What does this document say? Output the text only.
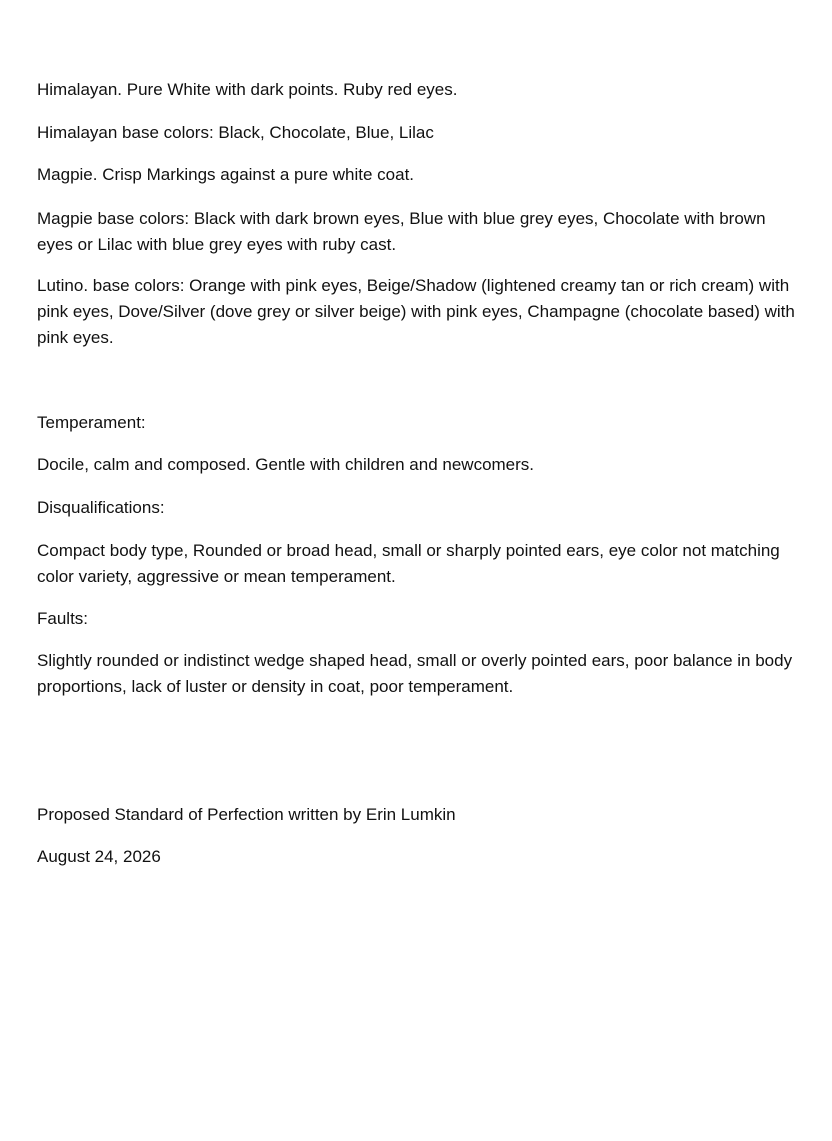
Himalayan. Pure White with dark points. Ruby red eyes.

Himalayan base colors: Black, Chocolate, Blue, Lilac

Magpie. Crisp Markings against a pure white coat.

Magpie base colors: Black with dark brown eyes, Blue with blue grey eyes, Chocolate with brown eyes or Lilac with blue grey eyes with ruby cast.

Lutino. base colors: Orange with pink eyes, Beige/Shadow (lightened creamy tan or rich cream) with pink eyes, Dove/Silver (dove grey or silver beige) with pink eyes, Champagne (chocolate based) with pink eyes.

Temperament:

Docile, calm and composed. Gentle with children and newcomers.

Disqualifications:

Compact body type, Rounded or broad head, small or sharply pointed ears, eye color not matching color variety, aggressive or mean temperament.

Faults:

Slightly rounded or indistinct wedge shaped head, small or overly pointed ears, poor balance in body proportions, lack of luster or density in coat, poor temperament.

Proposed Standard of Perfection written by Erin Lumkin

August 24, 2026
